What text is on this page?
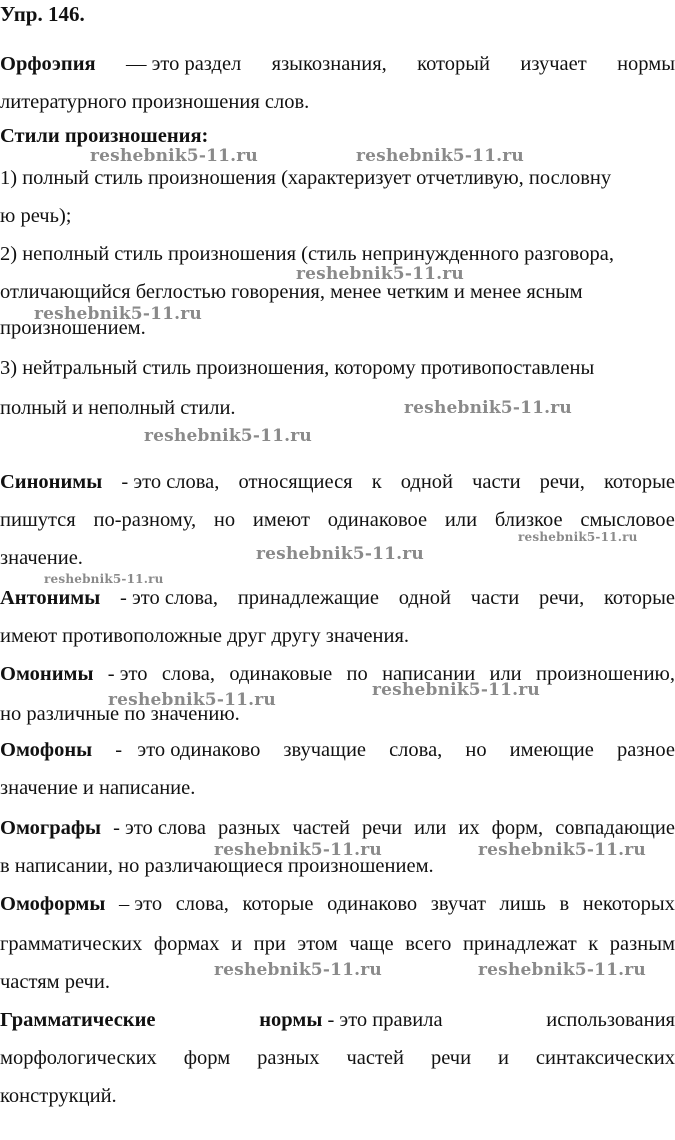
Упр. 146.
Орфоэпия — это раздел языкознания, который изучает нормы
литературного произношения слов.
Стили произношения:
1) полный стиль произношения (характеризует отчетливую, пословну
ю речь);
2) неполный стиль произношения (стиль непринужденного разговора,
отличающийся беглостью говорения, менее четким и менее ясным
произношением.
3) нейтральный стиль произношения, которому противопоставлены
полный и неполный стили.
Синонимы - это слова, относящиеся к одной части речи, которые
пишутся по-разному, но имеют одинаковое или близкое смысловое
значение.
Антонимы - это слова, принадлежащие одной части речи, которые
имеют противоположные друг другу значения.
Омонимы - это слова, одинаковые по написании или произношению,
но различные по значению.
Омофоны -   это одинаково звучащие слова, но имеющие разное
значение и написание.
Омографы - это слова разных частей речи или их форм, совпадающие
в написании, но различающиеся произношением.
Омоформы – это слова, которые одинаково звучат лишь в некоторых
грамматических формах и при этом чаще всего принадлежат к разным
частям речи.
Грамматические	нормы - это правила	использования
морфологических форм разных частей речи и синтаксических
конструкций.
reshebnik5-11.ru	reshebnik5-11.ru
reshebnik5-11.ru
reshebnik5-11.ru
reshebnik5-11.ru
reshebnik5-11.ru
reshebnik5-11.ru
reshebnik5-11.ru
reshebnik5-11.ru
reshebnik5-11.ru
reshebnik5-11.ru
reshebnik5-11.ru	reshebnik5-11.ru
reshebnik5-11.ru	reshebnik5-11.ru
